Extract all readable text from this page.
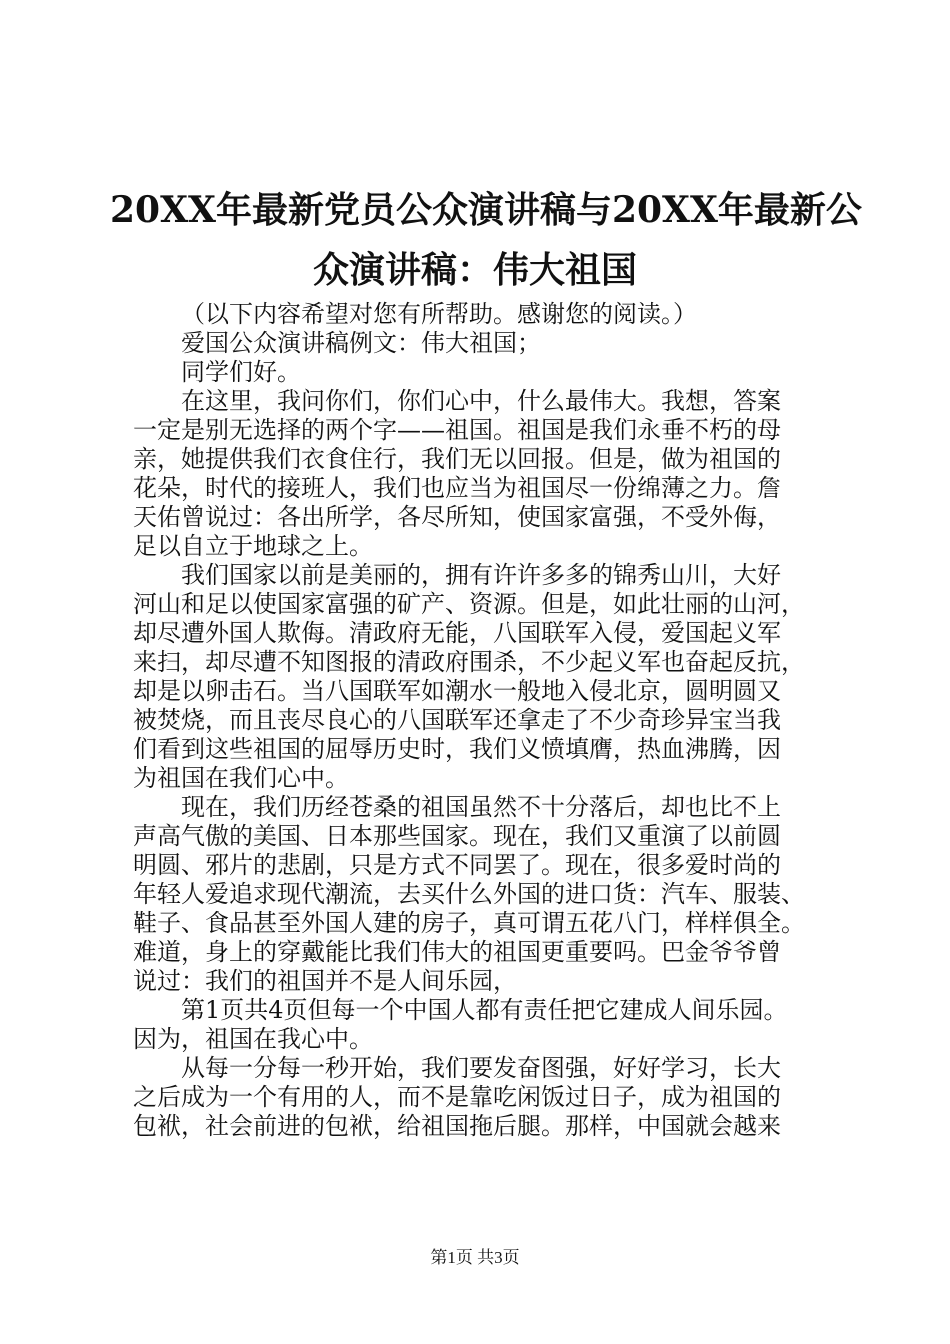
20XX年最新党员公众演讲稿与20XX年最新公
众演讲稿：伟大祖国
（以下内容希望对您有所帮助。感谢您的阅读。）
爱国公众演讲稿例文：伟大祖国；
同学们好。
在这里，我问你们，你们心中，什么最伟大。我想，答案
一定是别无选择的两个字——祖国。祖国是我们永垂不朽的母
亲，她提供我们衣食住行，我们无以回报。但是，做为祖国的
花朵，时代的接班人，我们也应当为祖国尽一份绵薄之力。詹
天佑曾说过：各出所学，各尽所知，使国家富强，不受外侮，
足以自立于地球之上。
我们国家以前是美丽的，拥有许许多多的锦秀山川，大好
河山和足以使国家富强的矿产、资源。但是，如此壮丽的山河，
却尽遭外国人欺侮。清政府无能，八国联军入侵，爱国起义军
来扫，却尽遭不知图报的清政府围杀，不少起义军也奋起反抗，
却是以卵击石。当八国联军如潮水一般地入侵北京，圆明圆又
被焚烧，而且丧尽良心的八国联军还拿走了不少奇珍异宝当我
们看到这些祖国的屈辱历史时，我们义愤填膺，热血沸腾，因
为祖国在我们心中。
现在，我们历经苍桑的祖国虽然不十分落后，却也比不上
声高气傲的美国、日本那些国家。现在，我们又重演了以前圆
明圆、邪片的悲剧，只是方式不同罢了。现在，很多爱时尚的
年轻人爱追求现代潮流，去买什么外国的进口货：汽车、服装、
鞋子、食品甚至外国人建的房子，真可谓五花八门，样样俱全。
难道，身上的穿戴能比我们伟大的祖国更重要吗。巴金爷爷曾
说过：我们的祖国并不是人间乐园，
第1页共4页但每一个中国人都有责任把它建成人间乐园。
因为，祖国在我心中。
从每一分每一秒开始，我们要发奋图强，好好学习，长大
之后成为一个有用的人，而不是靠吃闲饭过日子，成为祖国的
包袱，社会前进的包袱，给祖国拖后腿。那样，中国就会越来
第1页 共3页
